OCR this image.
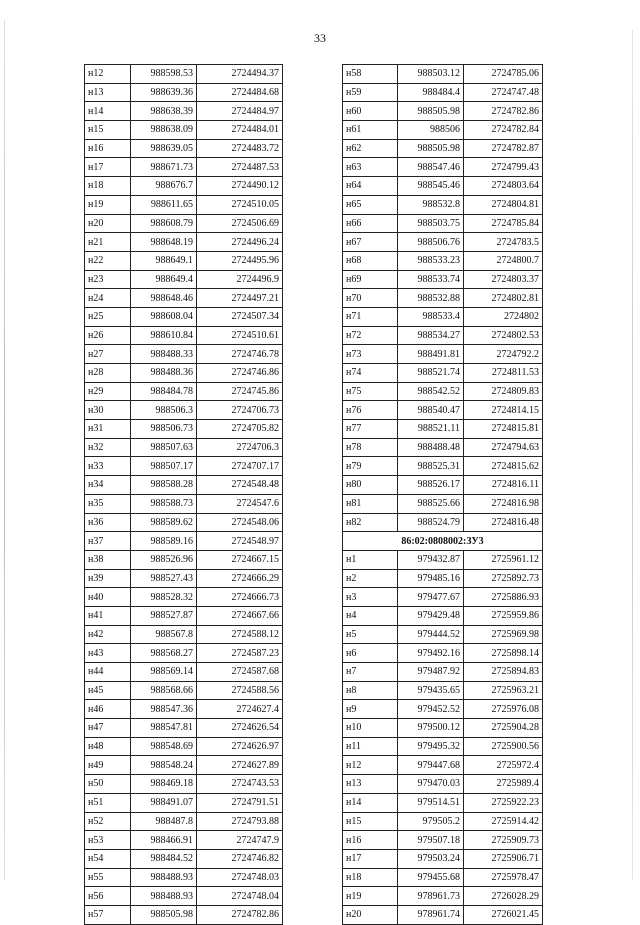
33
н12	988598.53	2724494.37
н13	988639.36	2724484.68
н14	988638.39	2724484.97
н15	988638.09	2724484.01
н16	988639.05	2724483.72
н17	988671.73	2724487.53
н18	988676.7	2724490.12
н19	988611.65	2724510.05
н20	988608.79	2724506.69
н21	988648.19	2724496.24
н22	988649.1	2724495.96
н23	988649.4	2724496.9
н24	988648.46	2724497.21
н25	988608.04	2724507.34
н26	988610.84	2724510.61
н27	988488.33	2724746.78
н28	988488.36	2724746.86
н29	988484.78	2724745.86
н30	988506.3	2724706.73
н31	988506.73	2724705.82
н32	988507.63	2724706.3
н33	988507.17	2724707.17
н34	988588.28	2724548.48
н35	988588.73	2724547.6
н36	988589.62	2724548.06
н37	988589.16	2724548.97
н38	988526.96	2724667.15
н39	988527.43	2724666.29
н40	988528.32	2724666.73
н41	988527.87	2724667.66
н42	988567.8	2724588.12
н43	988568.27	2724587.23
н44	988569.14	2724587.68
н45	988568.66	2724588.56
н46	988547.36	2724627.4
н47	988547.81	2724626.54
н48	988548.69	2724626.97
н49	988548.24	2724627.89
н50	988469.18	2724743.53
н51	988491.07	2724791.51
н52	988487.8	2724793.88
н53	988466.91	2724747.9
н54	988484.52	2724746.82
н55	988488.93	2724748.03
н56	988488.93	2724748.04
н57	988505.98	2724782.86
н58	988503.12	2724785.06
н59	988484.4	2724747.48
н60	988505.98	2724782.86
н61	988506	2724782.84
н62	988505.98	2724782.87
н63	988547.46	2724799.43
н64	988545.46	2724803.64
н65	988532.8	2724804.81
н66	988503.75	2724785.84
н67	988506.76	2724783.5
н68	988533.23	2724800.7
н69	988533.74	2724803.37
н70	988532.88	2724802.81
н71	988533.4	2724802
н72	988534.27	2724802.53
н73	988491.81	2724792.2
н74	988521.74	2724811.53
н75	988542.52	2724809.83
н76	988540.47	2724814.15
н77	988521.11	2724815.81
н78	988488.48	2724794.63
н79	988525.31	2724815.62
н80	988526.17	2724816.11
н81	988525.66	2724816.98
н82	988524.79	2724816.48
86:02:0808002:ЗУ3		
н1	979432.87	2725961.12
н2	979485.16	2725892.73
н3	979477.67	2725886.93
н4	979429.48	2725959.86
н5	979444.52	2725969.98
н6	979492.16	2725898.14
н7	979487.92	2725894.83
н8	979435.65	2725963.21
н9	979452.52	2725976.08
н10	979500.12	2725904.28
н11	979495.32	2725900.56
н12	979447.68	2725972.4
н13	979470.03	2725989.4
н14	979514.51	2725922.23
н15	979505.2	2725914.42
н16	979507.18	2725909.73
н17	979503.24	2725906.71
н18	979455.68	2725978.47
н19	978961.73	2726028.29
н20	978961.74	2726021.45
